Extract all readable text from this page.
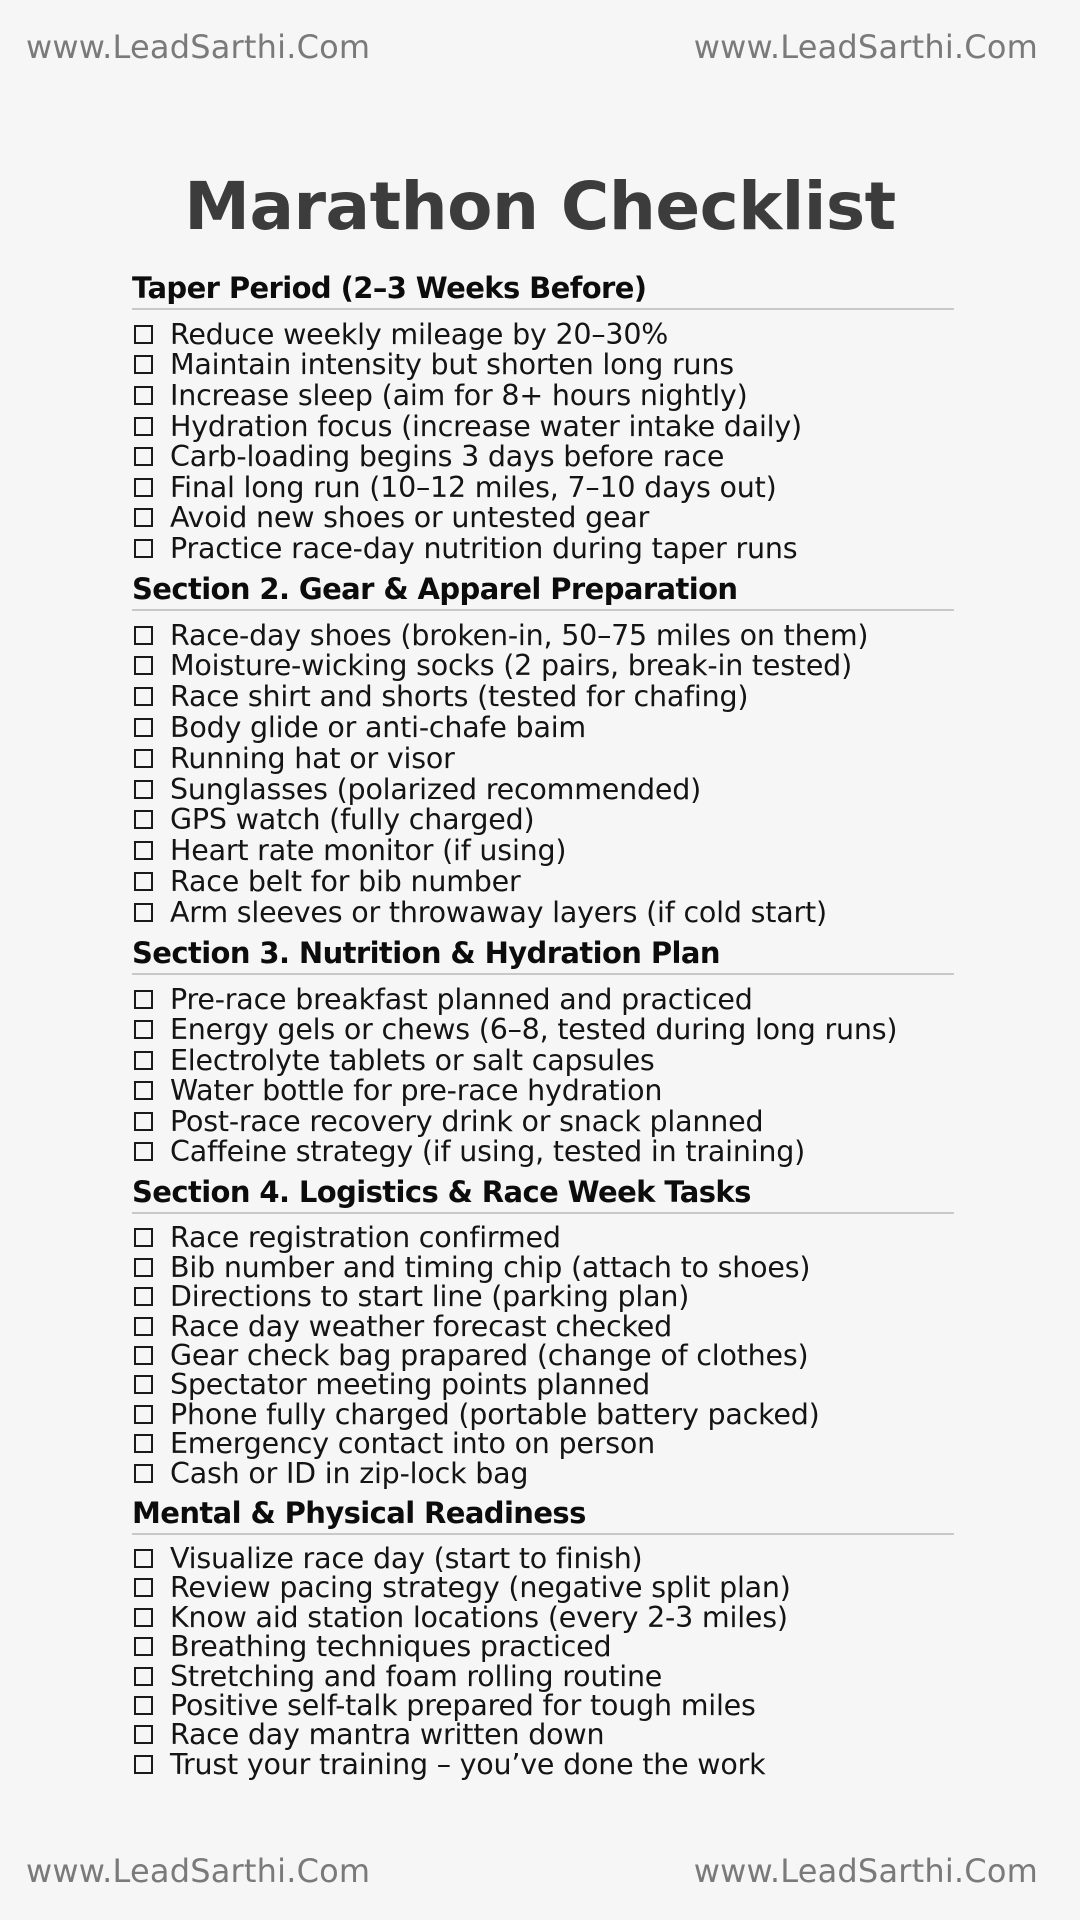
www.LeadSarthi.Com	www.LeadSarthi.Com
Marathon Checklist
Taper Period (2–3 Weeks Before)
Reduce weekly mileage by 20–30%
Maintain intensity but shorten long runs
Increase sleep (aim for 8+ hours nightly)
Hydration focus (increase water intake daily)
Carb-loading begins 3 days before race
Final long run (10–12 miles, 7–10 days out)
Avoid new shoes or untested gear
Practice race-day nutrition during taper runs
Section 2. Gear & Apparel Preparation
Race-day shoes (broken-in, 50–75 miles on them)
Moisture-wicking socks (2 pairs, break-in tested)
Race shirt and shorts (tested for chafing)
Body glide or anti-chafe baim
Running hat or visor
Sunglasses (polarized recommended)
GPS watch (fully charged)
Heart rate monitor (if using)
Race belt for bib number
Arm sleeves or throwaway layers (if cold start)
Section 3. Nutrition & Hydration Plan
Pre-race breakfast planned and practiced
Energy gels or chews (6–8, tested during long runs)
Electrolyte tablets or salt capsules
Water bottle for pre-race hydration
Post-race recovery drink or snack planned
Caffeine strategy (if using, tested in training)
Section 4. Logistics & Race Week Tasks
Race registration confirmed
Bib number and timing chip (attach to shoes)
Directions to start line (parking plan)
Race day weather forecast checked
Gear check bag prapared (change of clothes)
Spectator meeting points planned
Phone fully charged (portable battery packed)
Emergency contact into on person
Cash or ID in zip-lock bag
Mental & Physical Readiness
Visualize race day (start to finish)
Review pacing strategy (negative split plan)
Know aid station locations (every 2-3 miles)
Breathing techniques practiced
Stretching and foam rolling routine
Positive self-talk prepared for tough miles
Race day mantra written down
Trust your training – you’ve done the work
www.LeadSarthi.Com	www.LeadSarthi.Com
